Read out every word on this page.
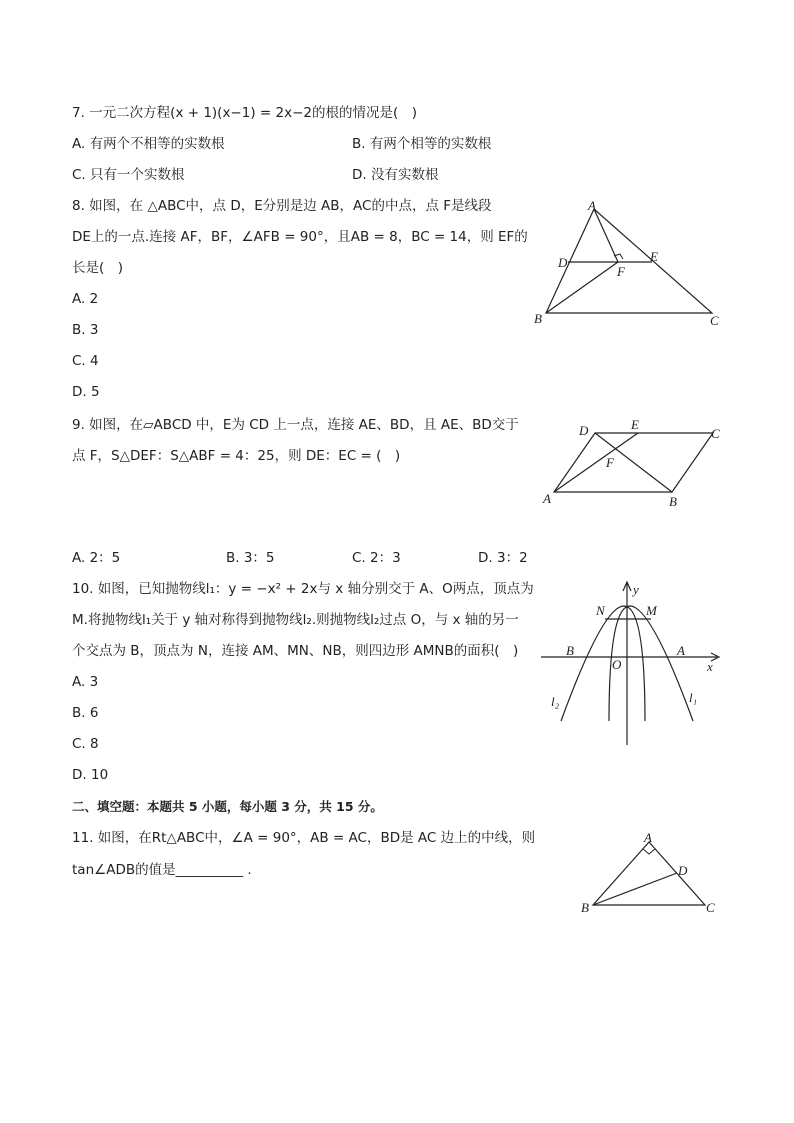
7. 一元二次方程(x + 1)(x−1) = 2x−2的根的情况是(　)
A. 有两个不相等的实数根	B. 有两个相等的实数根
C. 只有一个实数根	D. 没有实数根
8. 如图，在 △ABC中，点 D，E分别是边 AB，AC的中点，点 F是线段
DE上的一点.连接 AF，BF，∠AFB = 90°，且AB = 8，BC = 14，则 EF的
长是(　)
A. 2
B. 3
C. 4
D. 5
A
B	C
D	E
F
9. 如图，在▱ABCD 中，E为 CD 上一点，连接 AE、BD，且 AE、BD交于
点 F，S△DEF：S△ABF = 4：25，则 DE：EC = (　)
D	E
C
A	B
F
A. 2：5	B. 3：5	C. 2：3	D. 3：2
10. 如图，已知抛物线l₁：y = −x² + 2x与 x 轴分别交于 A、O两点，顶点为
M.将抛物线l₁关于 y 轴对称得到抛物线l₂.则抛物线l₂过点 O，与 x 轴的另一
个交点为 B，顶点为 N，连接 AM、MN、NB，则四边形 AMNB的面积(　)
A. 3
B. 6
C. 8
D. 10
y
x
O
A
B
M
N
l₁
l₂
二、填空题：本题共 5 小题，每小题 3 分，共 15 分。
11. 如图，在Rt△ABC中，∠A = 90°，AB = AC，BD是 AC 边上的中线，则
tan∠ADB的值是__________ .
A
B	C
D
